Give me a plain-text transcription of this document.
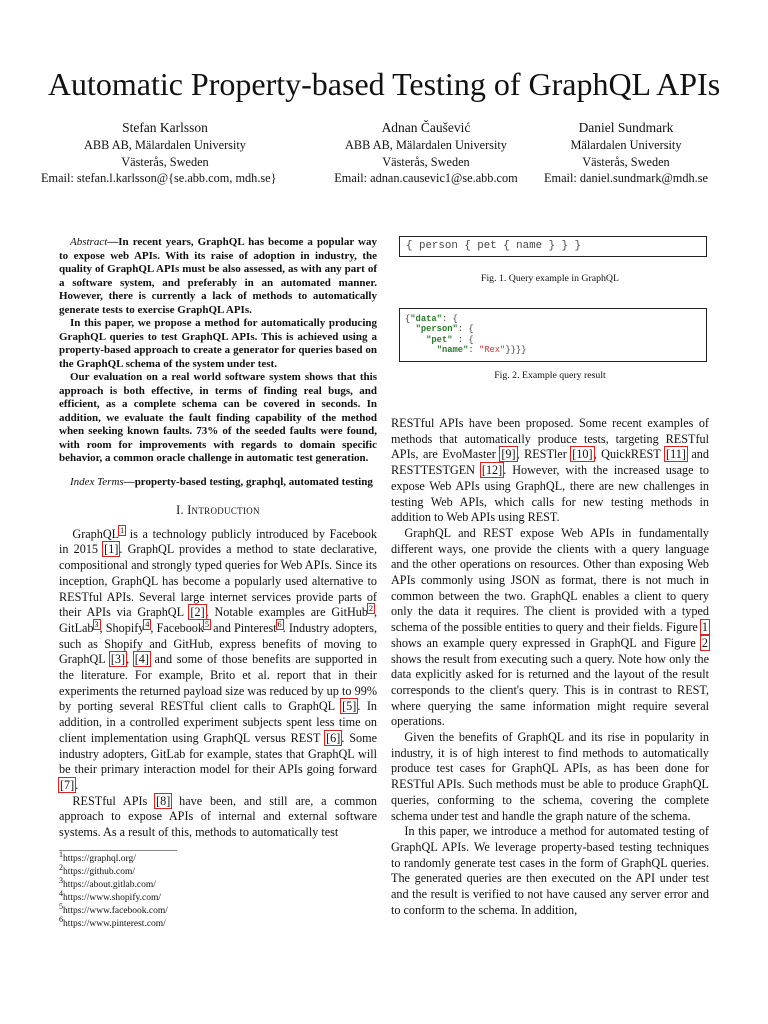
Automatic Property-based Testing of GraphQL APIs
Stefan Karlsson
ABB AB, Mälardalen University
Västerås, Sweden
Email: stefan.l.karlsson@{se.abb.com, mdh.se}
Adnan Čaušević
ABB AB, Mälardalen University
Västerås, Sweden
Email: adnan.causevic1@se.abb.com
Daniel Sundmark
Mälardalen University
Västerås, Sweden
Email: daniel.sundmark@mdh.se

Abstract—In recent years, GraphQL has become a popular way to expose web APIs. With its raise of adoption in industry, the quality of GraphQL APIs must be also assessed, as with any part of a software system, and preferably in an automated manner. However, there is currently a lack of methods to automatically generate tests to exercise GraphQL APIs.

In this paper, we propose a method for automatically producing GraphQL queries to test GraphQL APIs. This is achieved using a property-based approach to create a generator for queries based on the GraphQL schema of the system under test.

Our evaluation on a real world software system shows that this approach is both effective, in terms of finding real bugs, and efficient, as a complete schema can be covered in seconds. In addition, we evaluate the fault finding capability of the method when seeking known faults. 73% of the seeded faults were found, with room for improvements with regards to domain specific behavior, a common oracle challenge in automatic test generation.

Index Terms—property-based testing, graphql, automated testing

I. Introduction

GraphQL$^1$ is a technology publicly introduced by Facebook in 2015 [1]. GraphQL provides a method to state declarative, compositional and strongly typed queries for Web APIs. Since its inception, GraphQL has become a popularly used alternative to RESTful APIs. Several large internet services provide parts of their APIs via GraphQL [2]. Notable examples are GitHub$^2$, GitLab$^3$, Shopify$^4$, Facebook$^5$ and Pinterest$^6$. Industry adopters, such as Shopify and GitHub, express benefits of moving to GraphQL [3], [4] and some of those benefits are supported in the literature. For example, Brito et al. report that in their experiments the returned payload size was reduced by up to 99% by porting several RESTful client calls to GraphQL [5]. In addition, in a controlled experiment subjects spent less time on client implementation using GraphQL versus REST [6]. Some industry adopters, GitLab for example, states that GraphQL will be their primary interaction model for their APIs going forward [7].

RESTful APIs [8] have been, and still are, a common approach to expose APIs of internal and external software systems. As a result of this, methods to automatically test

$^1$https://graphql.org/
$^2$https://github.com/
$^3$https://about.gitlab.com/
$^4$https://www.shopify.com/
$^5$https://www.facebook.com/
$^6$https://www.pinterest.com/
{ person { pet { name } } }

Fig. 1. Query example in GraphQL

{"data": {
"person": {
"pet" : {
"name": "Rex"}}}}

Fig. 2. Example query result

RESTful APIs have been proposed. Some recent examples of methods that automatically produce tests, targeting RESTful APIs, are EvoMaster [9], RESTler [10], QuickREST [11] and RESTTESTGEN [12]. However, with the increased usage to expose Web APIs using GraphQL, there are new challenges in testing Web APIs, which calls for new testing methods in addition to Web APIs using REST.

GraphQL and REST expose Web APIs in fundamentally different ways, one provide the clients with a query language and the other operations on resources. Other than exposing Web APIs commonly using JSON as format, there is not much in common between the two. GraphQL enables a client to query only the data it requires. The client is provided with a typed schema of the possible entities to query and their fields. Figure 1 shows an example query expressed in GraphQL and Figure 2 shows the result from executing such a query. Note how only the data explicitly asked for is returned and the layout of the result corresponds to the client's query. This is in contrast to REST, where querying the same information might require several operations.

Given the benefits of GraphQL and its rise in popularity in industry, it is of high interest to find methods to automatically produce test cases for GraphQL APIs, as has been done for RESTful APIs. Such methods must be able to produce GraphQL queries, conforming to the schema, covering the complete schema under test and handle the graph nature of the schema.

In this paper, we introduce a method for automated testing of GraphQL APIs. We leverage property-based testing techniques to randomly generate test cases in the form of GraphQL queries. The generated queries are then executed on the API under test and the result is verified to not have caused any server error and to conform to the schema. In addition,
